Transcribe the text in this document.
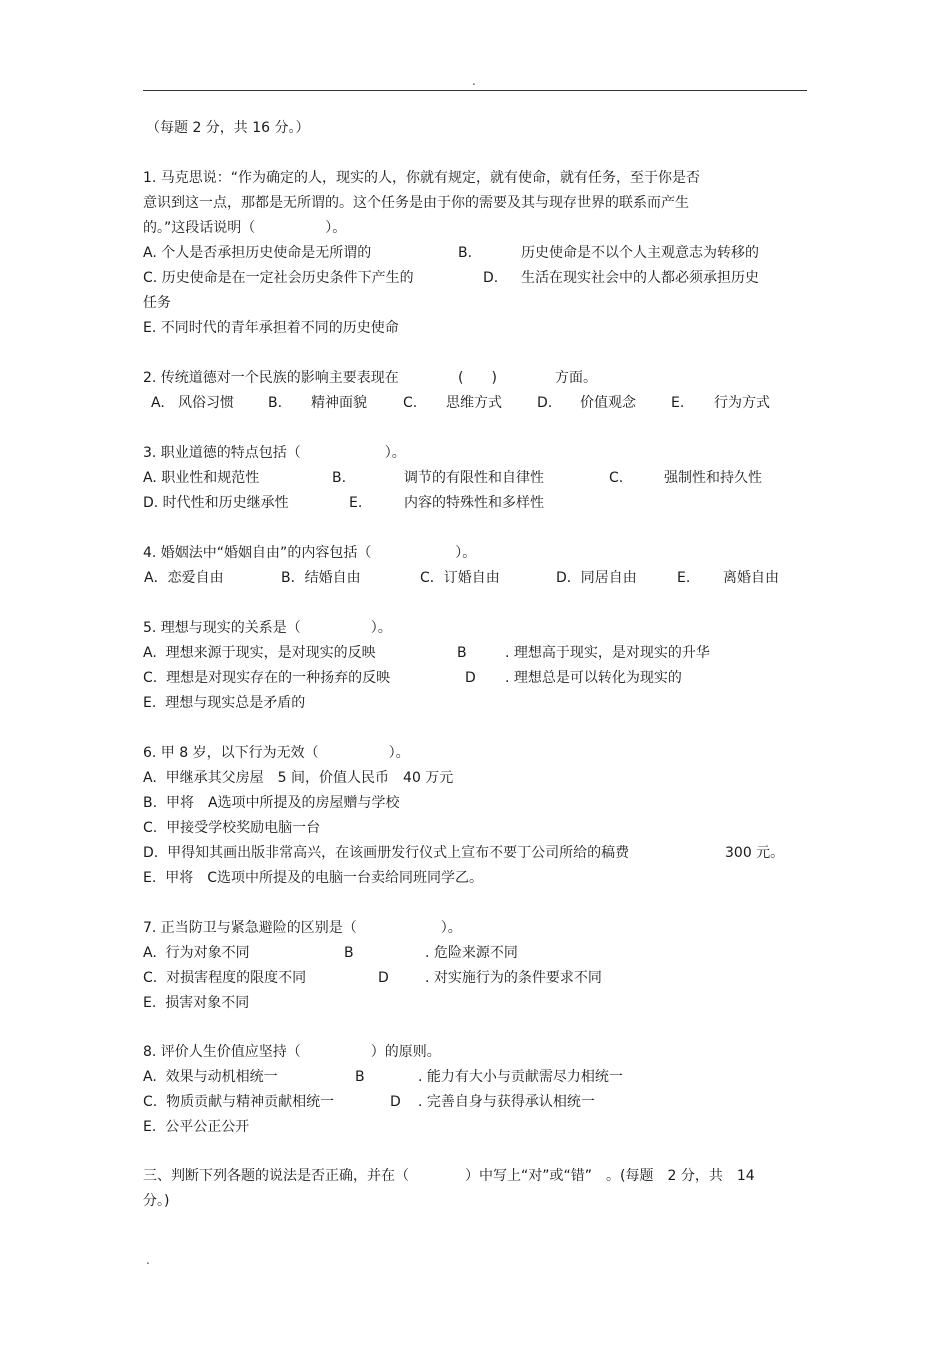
.
（每题 2 分，共 16 分。）
1. 马克思说：“作为确定的人，现实的人，你就有规定，就有使命，就有任务，至于你是否
意识到这一点，那都是无所谓的。这个任务是由于你的需要及其与现存世界的联系而产生
的。”这段话说明（　　　　　）。
A. 个人是否承担历史使命是无所谓的	B.	历史使命是不以个人主观意志为转移的
C. 历史使命是在一定社会历史条件下产生的	D. 生活在现实社会中的人都必须承担历史
任务
E. 不同时代的青年承担着不同的历史使命
2. 传统道德对一个民族的影响主要表现在	(　　)	方面。
A. 风俗习惯 B. 精神面貌	C. 思维方式	D. 价值观念	E. 行为方式
3. 职业道德的特点包括（　　　　　　）。
A. 职业性和规范性	B.	调节的有限性和自律性	C.	强制性和持久性
D. 时代性和历史继承性	E.	内容的特殊性和多样性
4. 婚姻法中“婚姻自由”的内容包括（　　　　　　）。
A．恋爱自由	B．结婚自由	C．订婚自由	D．同居自由	E. 离婚自由
5. 理想与现实的关系是（　　　　　）。
A.  理想来源于现实，是对现实的反映	B	. 理想高于现实，是对现实的升华
C.  理想是对现实存在的一种扬弃的反映	D . 理想总是可以转化为现实的
E.  理想与现实总是矛盾的
6. 甲 8 岁，以下行为无效（　　　　　）。
A.  甲继承其父房屋　5 间，价值人民币　40 万元
B.  甲将　A选项中所提及的房屋赠与学校
C.  甲接受学校奖励电脑一台
D.  甲得知其画出版非常高兴，在该画册发行仪式上宣布不要丁公司所给的稿费	300 元。
E.  甲将　C选项中所提及的电脑一台卖给同班同学乙。
7. 正当防卫与紧急避险的区别是（　　　　　　）。
A.  行为对象不同	B	. 危险来源不同
C.  对损害程度的限度不同	D	. 对实施行为的条件要求不同
E.  损害对象不同
8. 评价人生价值应坚持（　　　　　）的原则。
A.  效果与动机相统一	B	. 能力有大小与贡献需尽力相统一
C.  物质贡献与精神贡献相统一	D . 完善自身与获得承认相统一
E.  公平公正公开
三、判断下列各题的说法是否正确，并在（　　　　）中写上“对”或“错”　。(每题　2 分，共　14
分。)
.
